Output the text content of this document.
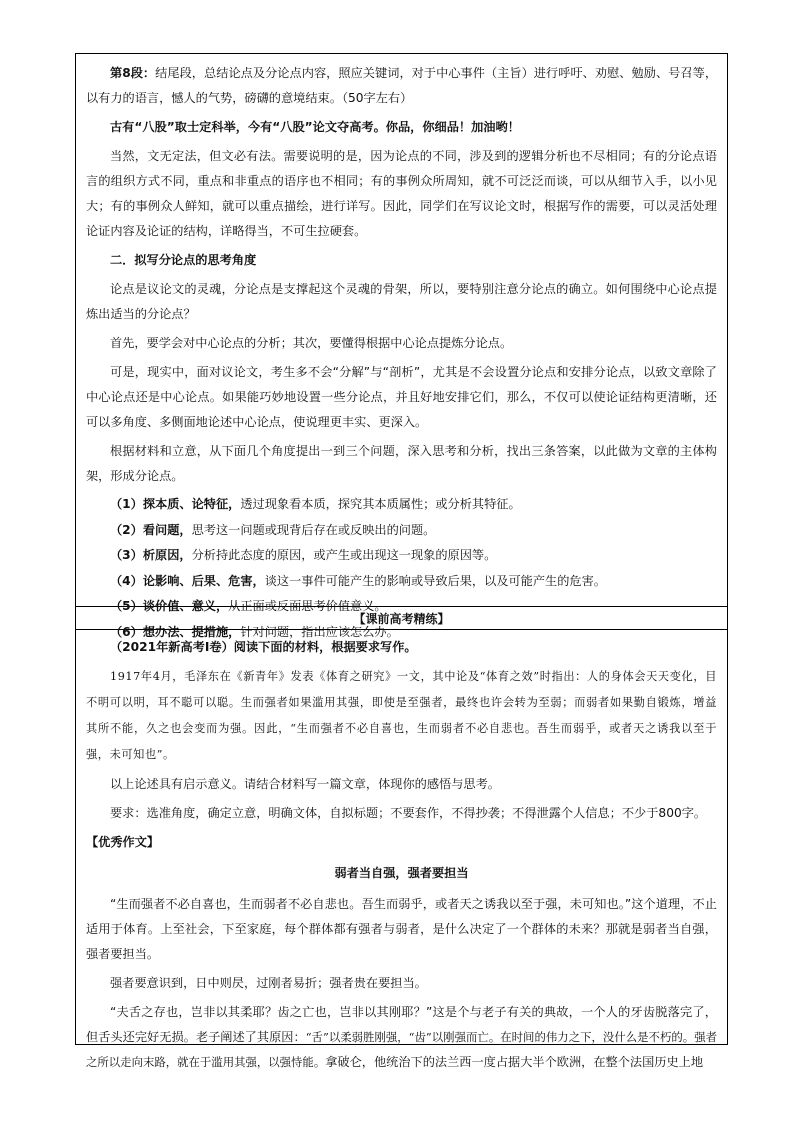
第8段：结尾段，总结论点及分论点内容，照应关键词，对于中心事件（主旨）进行呼吁、劝慰、勉励、号召等，以有力的语言，憾人的气势，磅礴的意境结束。（50字左右）

古有“八股”取士定科举，今有“八股”论文夺高考。你品，你细品！加油哟！

当然，文无定法，但文必有法。需要说明的是，因为论点的不同，涉及到的逻辑分析也不尽相同；有的分论点语言的组织方式不同，重点和非重点的语序也不相同；有的事例众所周知，就不可泛泛而谈，可以从细节入手，以小见大；有的事例众人鲜知，就可以重点描绘，进行详写。因此，同学们在写议论文时，根据写作的需要，可以灵活处理论证内容及论证的结构，详略得当，不可生拉硬套。

二．拟写分论点的思考角度

论点是议论文的灵魂，分论点是支撑起这个灵魂的骨架，所以，要特别注意分论点的确立。如何围绕中心论点提炼出适当的分论点？

首先，要学会对中心论点的分析；其次，要懂得根据中心论点提炼分论点。

可是，现实中，面对议论文，考生多不会“分解”与“剖析”，尤其是不会设置分论点和安排分论点，以致文章除了中心论点还是中心论点。如果能巧妙地设置一些分论点，并且好地安排它们，那么，不仅可以使论证结构更清晰，还可以多角度、多侧面地论述中心论点，使说理更丰实、更深入。

根据材料和立意，从下面几个角度提出一到三个问题，深入思考和分析，找出三条答案，以此做为文章的主体构架，形成分论点。

（1）探本质、论特征，透过现象看本质，探究其本质属性；或分析其特征。
（2）看问题，思考这一问题或现背后存在或反映出的问题。
（3）析原因，分析持此态度的原因，或产生或出现这一现象的原因等。
（4）论影响、后果、危害，谈这一事件可能产生的影响或导致后果，以及可能产生的危害。
（5）谈价值、意义，从正面或反面思考价值意义。
（6）想办法、提措施，针对问题，指出应该怎么办。
【课前高考精练】

（2021年新高考Ⅰ卷）阅读下面的材料，根据要求写作。

1917年4月，毛泽东在《新青年》发表《体育之研究》一文，其中论及“体育之效”时指出：人的身体会天天变化，目不明可以明，耳不聪可以聪。生而强者如果滥用其强，即使是至强者，最终也许会转为至弱；而弱者如果勤自锻炼，增益其所不能，久之也会变而为强。因此，“生而强者不必自喜也，生而弱者不必自悲也。吾生而弱乎，或者天之诱我以至于强，未可知也”。

以上论述具有启示意义。请结合材料写一篇文章，体现你的感悟与思考。

要求：选准角度，确定立意，明确文体，自拟标题；不要套作，不得抄袭；不得泄露个人信息；不少于800字。

【优秀作文】

弱者当自强，强者要担当

“生而强者不必自喜也，生而弱者不必自悲也。吾生而弱乎，或者天之诱我以至于强，未可知也。”这个道理，不止适用于体育。上至社会，下至家庭，每个群体都有强者与弱者，是什么决定了一个群体的未来？那就是弱者当自强，强者要担当。

强者要意识到，日中则昃，过刚者易折；强者贵在要担当。

“夫舌之存也，岂非以其柔耶？齿之亡也，岂非以其刚耶？”这是个与老子有关的典故，一个人的牙齿脱落完了，但舌头还完好无损。老子阐述了其原因：“舌”以柔弱胜刚强，“齿”以刚强而亡。在时间的伟力之下，没什么是不朽的。强者之所以走向末路，就在于滥用其强，以强恃能。拿破仑，他统治下的法兰西一度占据大半个欧洲，在整个法国历史上地
